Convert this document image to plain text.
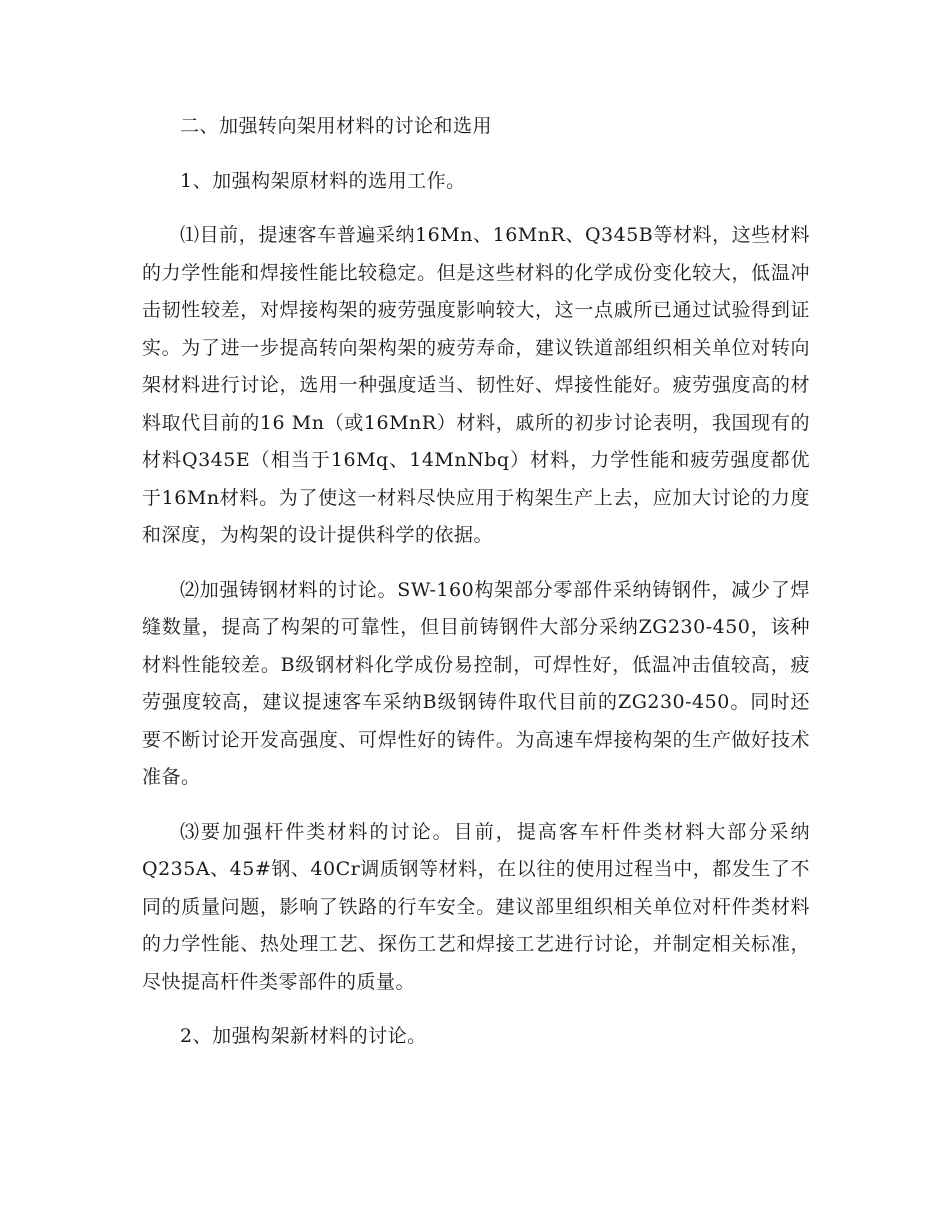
二、加强转向架用材料的讨论和选用

1、加强构架原材料的选用工作。

⑴目前，提速客车普遍采纳16Mn、16MnR、Q345B等材料，这些材料的力学性能和焊接性能比较稳定。但是这些材料的化学成份变化较大，低温冲击韧性较差，对焊接构架的疲劳强度影响较大，这一点戚所已通过试验得到证实。为了进一步提高转向架构架的疲劳寿命，建议铁道部组织相关单位对转向架材料进行讨论，选用一种强度适当、韧性好、焊接性能好。疲劳强度高的材料取代目前的16 Mn（或16MnR）材料，戚所的初步讨论表明，我国现有的材料Q345E（相当于16Mq、14MnNbq）材料，力学性能和疲劳强度都优于16Mn材料。为了使这一材料尽快应用于构架生产上去，应加大讨论的力度和深度，为构架的设计提供科学的依据。

⑵加强铸钢材料的讨论。SW-160构架部分零部件采纳铸钢件，减少了焊缝数量，提高了构架的可靠性，但目前铸钢件大部分采纳ZG230-450，该种材料性能较差。B级钢材料化学成份易控制，可焊性好，低温冲击值较高，疲劳强度较高，建议提速客车采纳B级钢铸件取代目前的ZG230-450。同时还要不断讨论开发高强度、可焊性好的铸件。为高速车焊接构架的生产做好技术准备。

⑶要加强杆件类材料的讨论。目前，提高客车杆件类材料大部分采纳Q235A、45#钢、40Cr调质钢等材料，在以往的使用过程当中，都发生了不同的质量问题，影响了铁路的行车安全。建议部里组织相关单位对杆件类材料的力学性能、热处理工艺、探伤工艺和焊接工艺进行讨论，并制定相关标准，尽快提高杆件类零部件的质量。

2、加强构架新材料的讨论。
